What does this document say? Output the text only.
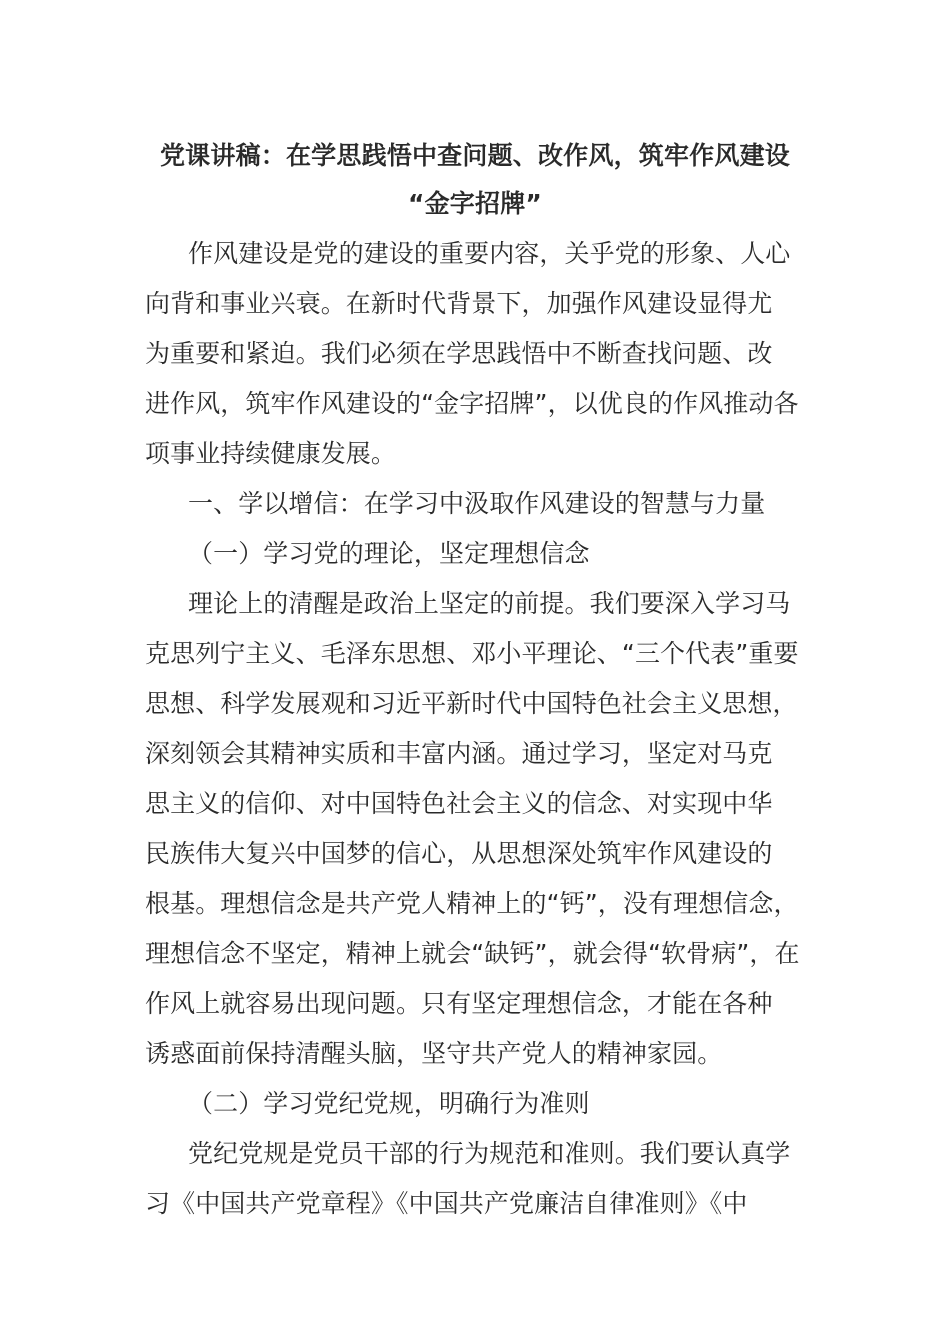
党课讲稿：在学思践悟中查问题、改作风，筑牢作风建设
“金字招牌”
作风建设是党的建设的重要内容，关乎党的形象、人心
向背和事业兴衰。在新时代背景下，加强作风建设显得尤
为重要和紧迫。我们必须在学思践悟中不断查找问题、改
进作风，筑牢作风建设的“金字招牌”，以优良的作风推动各
项事业持续健康发展。
一、学以增信：在学习中汲取作风建设的智慧与力量
（一）学习党的理论，坚定理想信念
理论上的清醒是政治上坚定的前提。我们要深入学习马
克思列宁主义、毛泽东思想、邓小平理论、“三个代表”重要
思想、科学发展观和习近平新时代中国特色社会主义思想，
深刻领会其精神实质和丰富内涵。通过学习，坚定对马克
思主义的信仰、对中国特色社会主义的信念、对实现中华
民族伟大复兴中国梦的信心，从思想深处筑牢作风建设的
根基。理想信念是共产党人精神上的“钙”，没有理想信念，
理想信念不坚定，精神上就会“缺钙”，就会得“软骨病”，在
作风上就容易出现问题。只有坚定理想信念，才能在各种
诱惑面前保持清醒头脑，坚守共产党人的精神家园。
（二）学习党纪党规，明确行为准则
党纪党规是党员干部的行为规范和准则。我们要认真学
习《中国共产党章程》《中国共产党廉洁自律准则》《中
